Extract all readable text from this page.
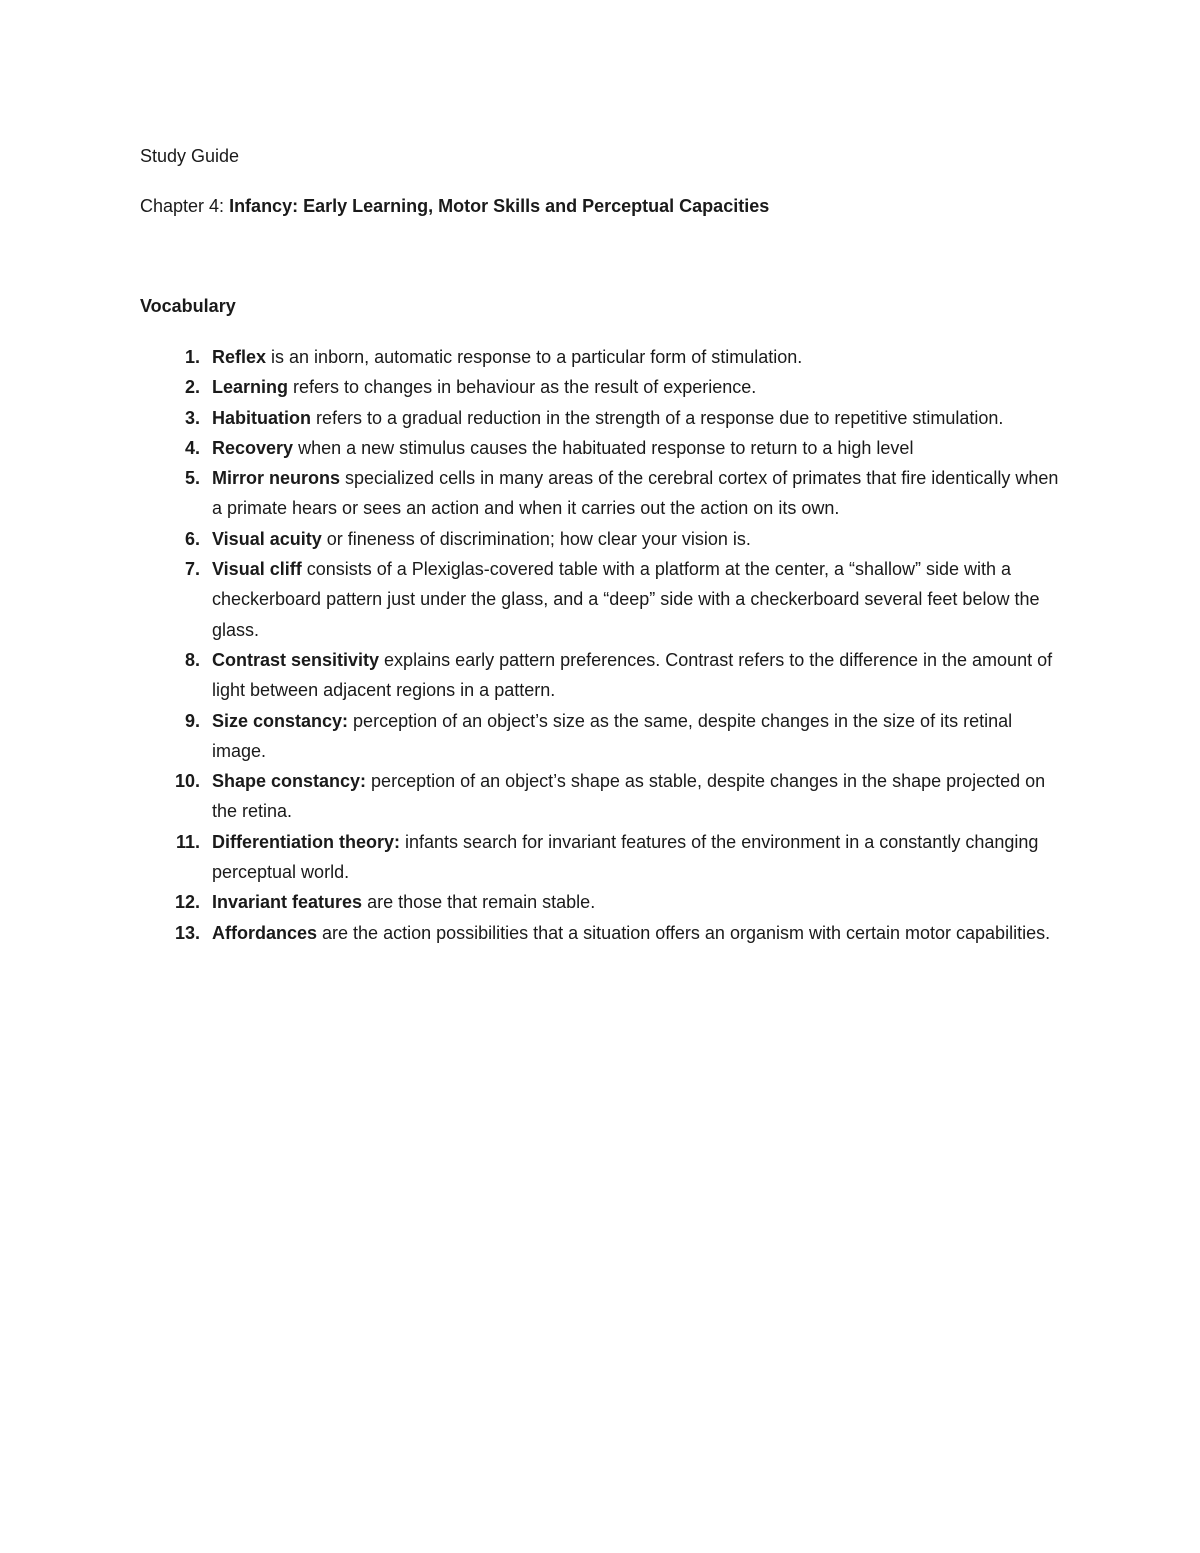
Study Guide
Chapter 4: Infancy: Early Learning, Motor Skills and Perceptual Capacities
Vocabulary
1. Reflex is an inborn, automatic response to a particular form of stimulation.
2. Learning refers to changes in behaviour as the result of experience.
3. Habituation refers to a gradual reduction in the strength of a response due to repetitive stimulation.
4. Recovery when a new stimulus causes the habituated response to return to a high level
5. Mirror neurons specialized cells in many areas of the cerebral cortex of primates that fire identically when a primate hears or sees an action and when it carries out the action on its own.
6. Visual acuity or fineness of discrimination; how clear your vision is.
7. Visual cliff consists of a Plexiglas-covered table with a platform at the center, a “shallow” side with a checkerboard pattern just under the glass, and a “deep” side with a checkerboard several feet below the glass.
8. Contrast sensitivity explains early pattern preferences. Contrast refers to the difference in the amount of light between adjacent regions in a pattern.
9. Size constancy: perception of an object’s size as the same, despite changes in the size of its retinal image.
10. Shape constancy: perception of an object’s shape as stable, despite changes in the shape projected on the retina.
11. Differentiation theory: infants search for invariant features of the environment in a constantly changing perceptual world.
12. Invariant features are those that remain stable.
13. Affordances are the action possibilities that a situation offers an organism with certain motor capabilities.
